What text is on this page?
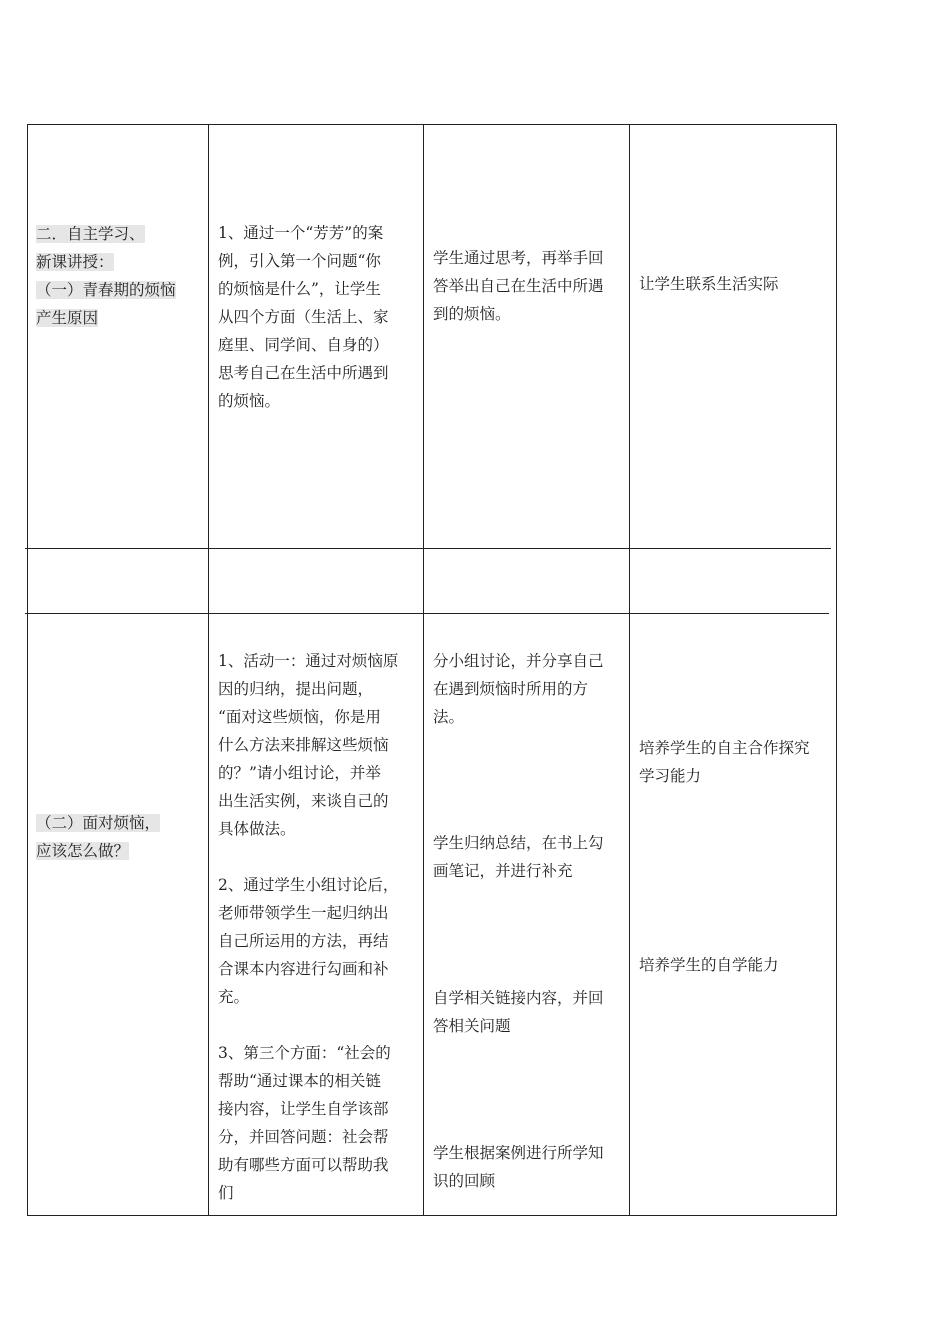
二．自主学习、

新课讲授：

（一）青春期的烦恼

产生原因

1、通过一个“芳芳”的案

例，引入第一个问题“你

的烦恼是什么”，让学生

从四个方面（生活上、家

庭里、同学间、自身的）

思考自己在生活中所遇到

的烦恼。

学生通过思考，再举手回

答举出自己在生活中所遇

到的烦恼。

让学生联系生活实际

（二）面对烦恼，

应该怎么做？

1、活动一：通过对烦恼原

因的归纳，提出问题，

“面对这些烦恼，你是用

什么方法来排解这些烦恼

的？”请小组讨论，并举

出生活实例，来谈自己的

具体做法。

2、通过学生小组讨论后，

老师带领学生一起归纳出

自己所运用的方法，再结

合课本内容进行勾画和补

充。

3、第三个方面：“社会的

帮助“通过课本的相关链

接内容，让学生自学该部

分，并回答问题：社会帮

助有哪些方面可以帮助我

们

分小组讨论，并分享自己

在遇到烦恼时所用的方

法。

学生归纳总结，在书上勾

画笔记，并进行补充

自学相关链接内容，并回

答相关问题

学生根据案例进行所学知

识的回顾

培养学生的自主合作探究

学习能力

培养学生的自学能力
